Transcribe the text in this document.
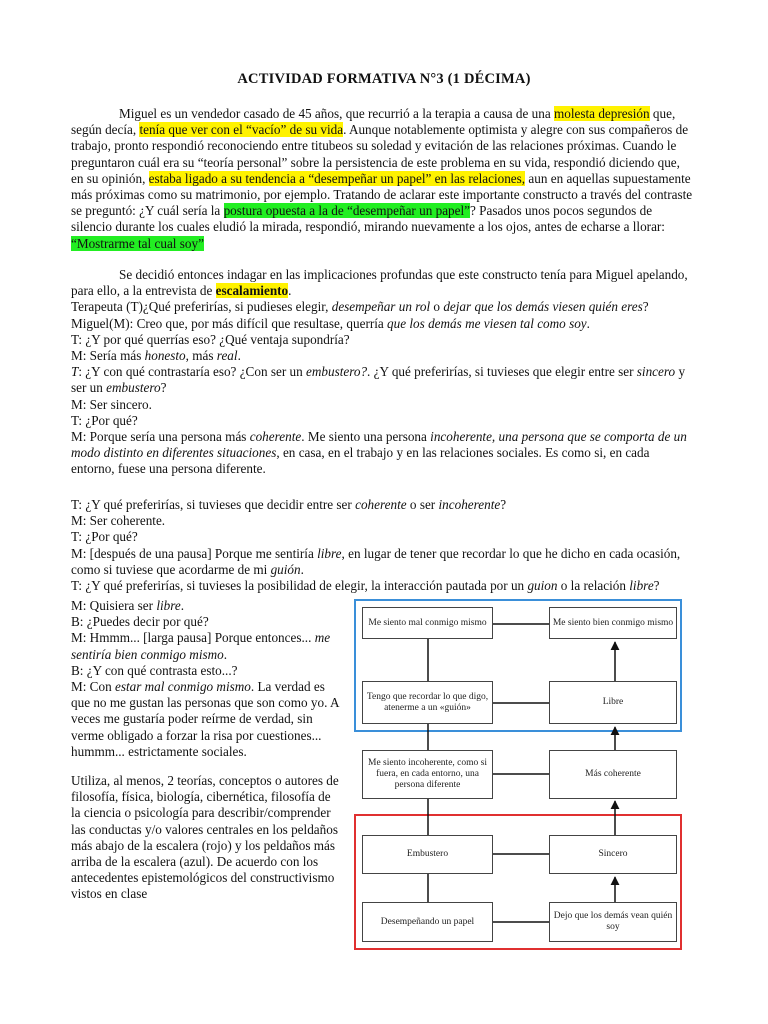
ACTIVIDAD FORMATIVA N°3 (1 DÉCIMA)

Miguel es un vendedor casado de 45 años, que recurrió a la terapia a causa de una molesta depresión que, según decía, tenía que ver con el “vacío” de su vida. Aunque notablemente optimista y alegre con sus compañeros de trabajo, pronto respondió reconociendo entre titubeos su soledad y evitación de las relaciones próximas. Cuando le preguntaron cuál era su “teoría personal” sobre la persistencia de este problema en su vida, respondió diciendo que, en su opinión, estaba ligado a su tendencia a “desempeñar un papel” en las relaciones, aun en aquellas supuestamente más próximas como su matrimonio, por ejemplo. Tratando de aclarar este importante constructo a través del contraste se preguntó: ¿Y cuál sería la postura opuesta a la de “desempeñar un papel”? Pasados unos pocos segundos de silencio durante los cuales eludió la mirada, respondió, mirando nuevamente a los ojos, antes de echarse a llorar: “Mostrarme tal cual soy”

Se decidió entonces indagar en las implicaciones profundas que este constructo tenía para Miguel apelando, para ello, a la entrevista de escalamiento.

Terapeuta (T)¿Qué preferirías, si pudieses elegir, desempeñar un rol o dejar que los demás viesen quién eres?

Miguel(M): Creo que, por más difícil que resultase, querría que los demás me viesen tal como soy.

T: ¿Y por qué querrías eso? ¿Qué ventaja supondría?

M: Sería más honesto, más real.

T: ¿Y con qué contrastaría eso? ¿Con ser un embustero?. ¿Y qué preferirías, si tuvieses que elegir entre ser sincero y ser un embustero?

M: Ser sincero.

T: ¿Por qué?

M: Porque sería una persona más coherente. Me siento una persona incoherente, una persona que se comporta de un modo distinto en diferentes situaciones, en casa, en el trabajo y en las relaciones sociales. Es como si, en cada entorno, fuese una persona diferente.

T: ¿Y qué preferirías, si tuvieses que decidir entre ser coherente o ser incoherente?

M: Ser coherente.

T: ¿Por qué?

M: [después de una pausa] Porque me sentiría libre, en lugar de tener que recordar lo que he dicho en cada ocasión, como si tuviese que acordarme de mi guión.

T: ¿Y qué preferirías, si tuvieses la posibilidad de elegir, la interacción pautada por un guion o la relación libre?

M: Quisiera ser libre.

B: ¿Puedes decir por qué?

M: Hmmm... [larga pausa] Porque entonces... me sentiría bien conmigo mismo.

B: ¿Y con qué contrasta esto...?

M: Con estar mal conmigo mismo. La verdad es que no me gustan las personas que son como yo. A veces me gustaría poder reírme de verdad, sin verme obligado a forzar la risa por cuestiones... hummm... estrictamente sociales.

Utiliza, al menos, 2 teorías, conceptos o autores de filosofía, física, biología, cibernética, filosofía de la ciencia o psicología para describir/comprender las conductas y/o valores centrales en los peldaños más abajo de la escalera (rojo) y los peldaños más arriba de la escalera (azul). De acuerdo con los antecedentes epistemológicos del constructivismo vistos en clase
Me siento mal conmigo mismo
Tengo que recordar lo que digo, atenerme a un «guión»
Me siento incoherente, como si fuera, en cada entorno, una persona diferente
Embustero
Desempeñando un papel
Me siento bien conmigo mismo
Libre
Más coherente
Sincero
Dejo que los demás vean quién soy
